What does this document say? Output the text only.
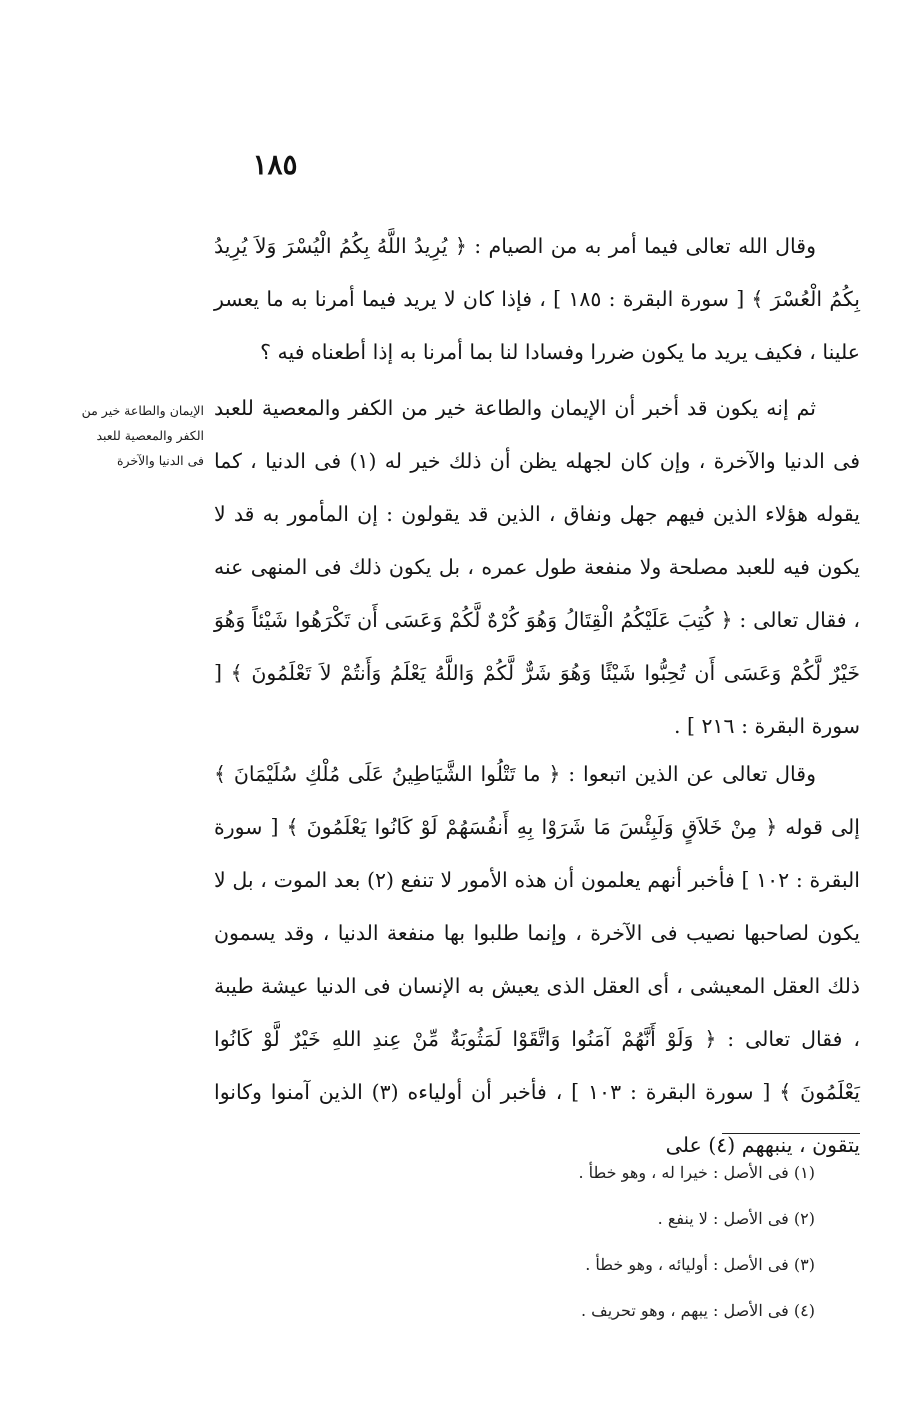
١٨٥

وقال الله تعالى فيما أمر به من الصيام : ﴿ يُرِيدُ اللَّهُ بِكُمُ الْيُسْرَ وَلاَ يُرِيدُ بِكُمُ الْعُسْرَ ﴾ [ سورة البقرة : ١٨٥ ] ، فإذا كان لا يريد فيما أمرنا به ما يعسر علينا ، فكيف يريد ما يكون ضررا وفسادا لنا بما أمرنا به إذا أطعناه فيه ؟

الإيمان والطاعة خير من الكفر والمعصية للعبد فى الدنيا والآخرة

ثم إنه يكون قد أخبر أن الإيمان والطاعة خير من الكفر والمعصية للعبد فى الدنيا والآخرة ، وإن كان لجهله يظن أن ذلك خير له (١) فى الدنيا ، كما يقوله هؤلاء الذين فيهم جهل ونفاق ، الذين قد يقولون : إن المأمور به قد لا يكون فيه للعبد مصلحة ولا منفعة طول عمره ، بل يكون ذلك فى المنهى عنه ، فقال تعالى : ﴿ كُتِبَ عَلَيْكُمُ الْقِتَالُ وَهُوَ كُرْهٌ لَّكُمْ وَعَسَى أَن تَكْرَهُوا شَيْئاً وَهُوَ خَيْرٌ لَّكُمْ وَعَسَى أَن تُحِبُّوا شَيْئًا وَهُوَ شَرٌّ لَّكُمْ وَاللَّهُ يَعْلَمُ وَأَنتُمْ لاَ تَعْلَمُونَ ﴾ [ سورة البقرة : ٢١٦ ] .

وقال تعالى عن الذين اتبعوا : ﴿ ما تَتْلُوا الشَّيَاطِينُ عَلَى مُلْكِ سُلَيْمَانَ ﴾ إلى قوله ﴿ مِنْ خَلاَقٍ وَلَبِئْسَ مَا شَرَوْا بِهِ أَنفُسَهُمْ لَوْ كَانُوا يَعْلَمُونَ ﴾ [ سورة البقرة : ١٠٢ ] فأخبر أنهم يعلمون أن هذه الأمور لا تنفع (٢) بعد الموت ، بل لا يكون لصاحبها نصيب فى الآخرة ، وإنما طلبوا بها منفعة الدنيا ، وقد يسمون ذلك العقل المعيشى ، أى العقل الذى يعيش به الإنسان فى الدنيا عيشة طيبة ، فقال تعالى : ﴿ وَلَوْ أَنَّهُمْ آمَنُوا وَاتَّقَوْا لَمَثُوبَةٌ مِّنْ عِندِ اللهِ خَيْرٌ لَّوْ كَانُوا يَعْلَمُونَ ﴾ [ سورة البقرة : ١٠٣ ] ، فأخبر أن أولياءه (٣) الذين آمنوا وكانوا يتقون ، ينبههم (٤) على

(١) فى الأصل : خيرا له ، وهو خطأ .

(٢) فى الأصل : لا ينفع .

(٣) فى الأصل : أوليائه ، وهو خطأ .

(٤) فى الأصل : يبهم ، وهو تحريف .
